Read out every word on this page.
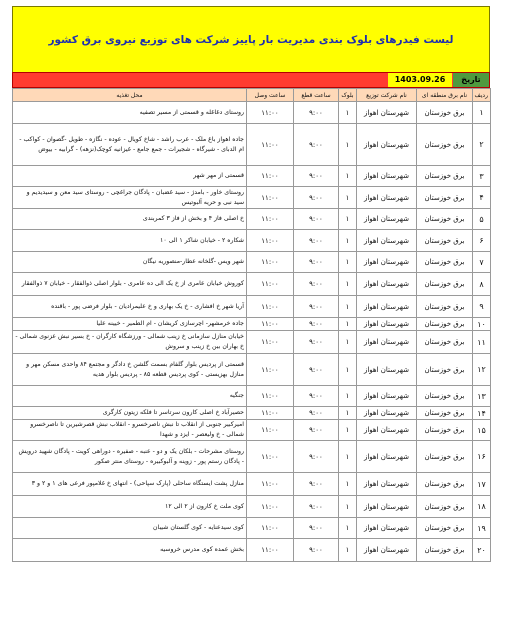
لیست فیدرهای بلوک بندی مدیریت بار پاییز شرکت های توزیع نیروی برق کشور
تاریخ
1403.09.26
ردیف	نام برق منطقه ای	نام شرکت توزیع	بلوک	ساعت قطع	ساعت وصل	محل تغذیه
۱	برق خوزستان	شهرستان اهواز	۱	۹:۰۰	۱۱:۰۰	روستای دغاغله و قسمتی از مسیر تصفیه
۲	برق خوزستان	شهرستان اهواز	۱	۹:۰۰	۱۱:۰۰	جاده اهواز باغ ملک - عرب راشد - شاخ کویال - عوده - نگازه - طویل -گصوان - کواکب - ام الدبای - شیرگاه - شجیرات - جمع جامع - غیزانیه کوچک(نزهه) - گرابیه - بیوض
۳	برق خوزستان	شهرستان اهواز	۱	۹:۰۰	۱۱:۰۰	قسمتی از مهر شهر
۴	برق خوزستان	شهرستان اهواز	۱	۹:۰۰	۱۱:۰۰	روستای خاور - بامدژ - سید غضبان - پادگان جراغچی - روستای سید معن و سیدیدیم و سید نبی و حریه آلبوتیس
۵	برق خوزستان	شهرستان اهواز	۱	۹:۰۰	۱۱:۰۰	خ اصلی فاز ۴ و بخش از فاز ۳ کمربندی
۶	برق خوزستان	شهرستان اهواز	۱	۹:۰۰	۱۱:۰۰	شکاره ۲ - خیابان شاکر ۱ الی ۱۰
۷	برق خوزستان	شهرستان اهواز	۱	۹:۰۰	۱۱:۰۰	شهر ویس -گلخانه عطار-منصوریه نیگان
۸	برق خوزستان	شهرستان اهواز	۱	۹:۰۰	۱۱:۰۰	کوروش خیابان عامری از خ یک الی ده عامری - بلوار اصلی ذوالفقار - خیابان ۷ ذوالفقار
۹	برق خوزستان	شهرستان اهواز	۱	۹:۰۰	۱۱:۰۰	آریا شهر خ افشاری - خ یک بهاری و خ علیمرادیان - بلوار فرضی پور - باقنده
۱۰	برق خوزستان	شهرستان اهواز	۱	۹:۰۰	۱۱:۰۰	جاده خرمشهر- اچرسازی کریشان - ام الطمیر - خیینه علیا
۱۱	برق خوزستان	شهرستان اهواز	۱	۹:۰۰	۱۱:۰۰	خیابان منازل سازمانی خ زینب شمالی - ورزشگاه کارگران - خ بسیر نبش عزنوی شمالی - خ بهاران بین خ زینب و سروش
۱۲	برق خوزستان	شهرستان اهواز	۱	۹:۰۰	۱۱:۰۰	قسمتی از پردیس بلوار گلفام بسمت گلشن خ دادگر و مجتمع ۸۴ واحدی مسکن مهر و منازل بهزیستی - کوی پردیس قطعه ۸۵ - پردیس بلوار هدیه
۱۳	برق خوزستان	شهرستان اهواز	۱	۹:۰۰	۱۱:۰۰	جنگیه
۱۴	برق خوزستان	شهرستان اهواز	۱	۹:۰۰	۱۱:۰۰	حصیرآباد خ اصلی کارون سرتاسر تا فلکه زیتون کارگری
۱۵	برق خوزستان	شهرستان اهواز	۱	۹:۰۰	۱۱:۰۰	امیرکبیر جنوبی از انقلاب تا نبش ناصرخسرو - انقلاب نبش قصرشیرین تا ناصرخسرو شمالی - خ ولیعصر - ایزد و شهدا
۱۶	برق خوزستان	شهرستان اهواز	۱	۹:۰۰	۱۱:۰۰	روستای مشرحات - بلکان یک و دو - عنبه - صفیره - دوراهی کویت - پادگان شهید درویش - پادگان رستم پور - زوینه و آلبوکبیره - روستای منتر صکور
۱۷	برق خوزستان	شهرستان اهواز	۱	۹:۰۰	۱۱:۰۰	منازل پشت ایستگاه ساحلی (پارک سپاحی) - انتهای خ غلامپور فرعی های ۱ و ۲ و ۳
۱۸	برق خوزستان	شهرستان اهواز	۱	۹:۰۰	۱۱:۰۰	کوی ملت خ کارون از ۲ الی ۱۲
۱۹	برق خوزستان	شهرستان اهواز	۱	۹:۰۰	۱۱:۰۰	کوی سیدعنایه - کوی گلستان شیبان
۲۰	برق خوزستان	شهرستان اهواز	۱	۹:۰۰	۱۱:۰۰	بخش عمده کوی مدرس خروسیه
